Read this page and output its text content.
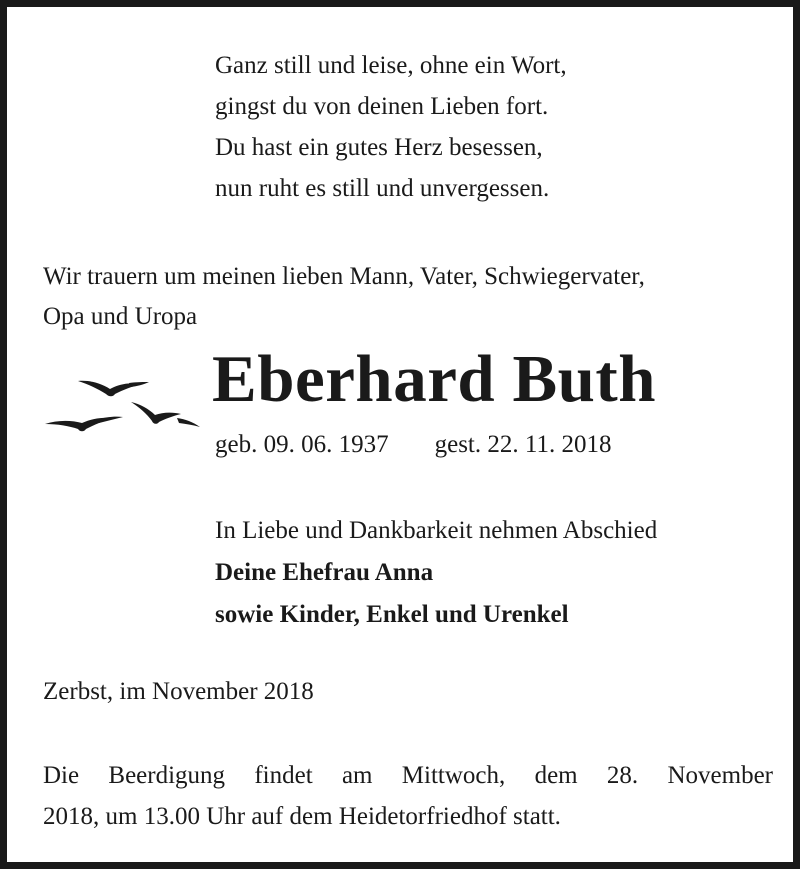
Ganz still und leise, ohne ein Wort,
gingst du von deinen Lieben fort.
Du hast ein gutes Herz besessen,
nun ruht es still und unvergessen.
Wir trauern um meinen lieben Mann, Vater, Schwiegervater,
Opa und Uropa
Eberhard Buth
geb. 09. 06. 1937 gest. 22. 11. 2018
In Liebe und Dankbarkeit nehmen Abschied
Deine Ehefrau Anna
sowie Kinder, Enkel und Urenkel
Zerbst, im November 2018
Die Beerdigung findet am Mittwoch, dem 28. November
2018, um 13.00 Uhr auf dem Heidetorfriedhof statt.
